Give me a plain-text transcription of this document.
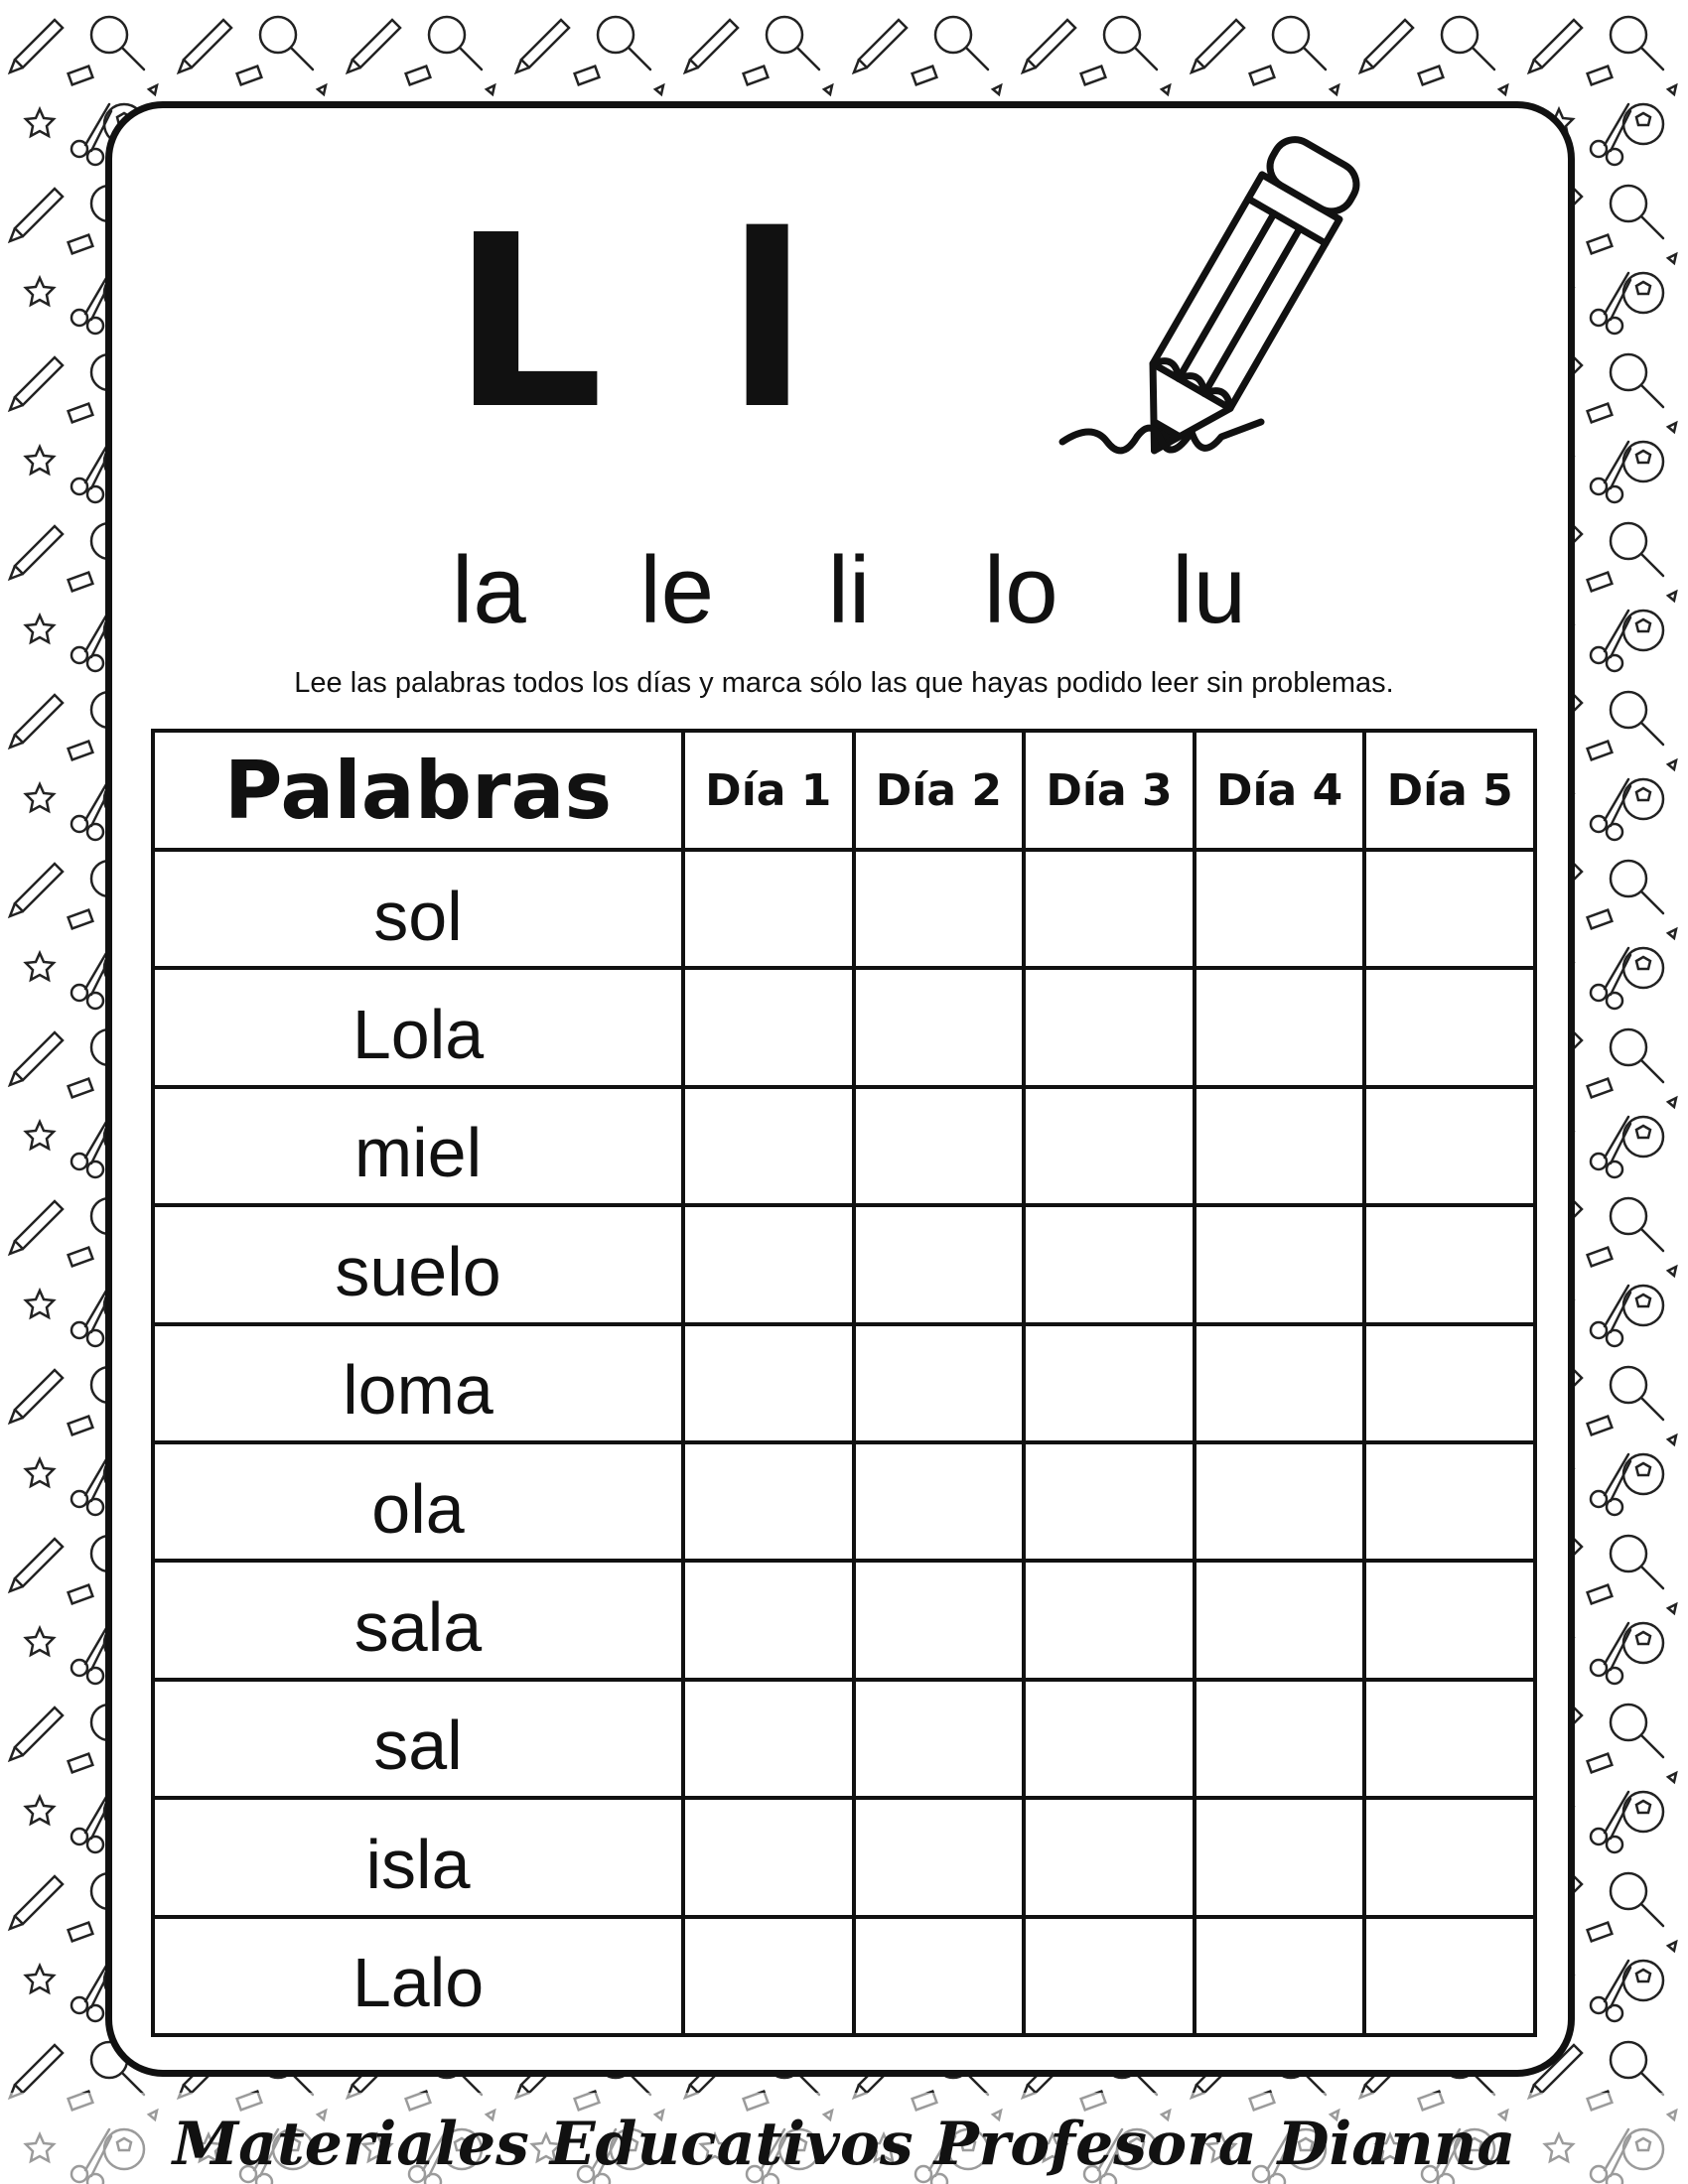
L l
la le li lo lu
Lee las palabras todos los días y marca sólo las que hayas podido leer sin problemas.
Palabras	Día 1	Día 2	Día 3	Día 4	Día 5
sol					
Lola					
miel					
suelo					
loma					
ola					
sala					
sal					
isla					
Lalo					
Materiales Educativos Profesora Dianna
